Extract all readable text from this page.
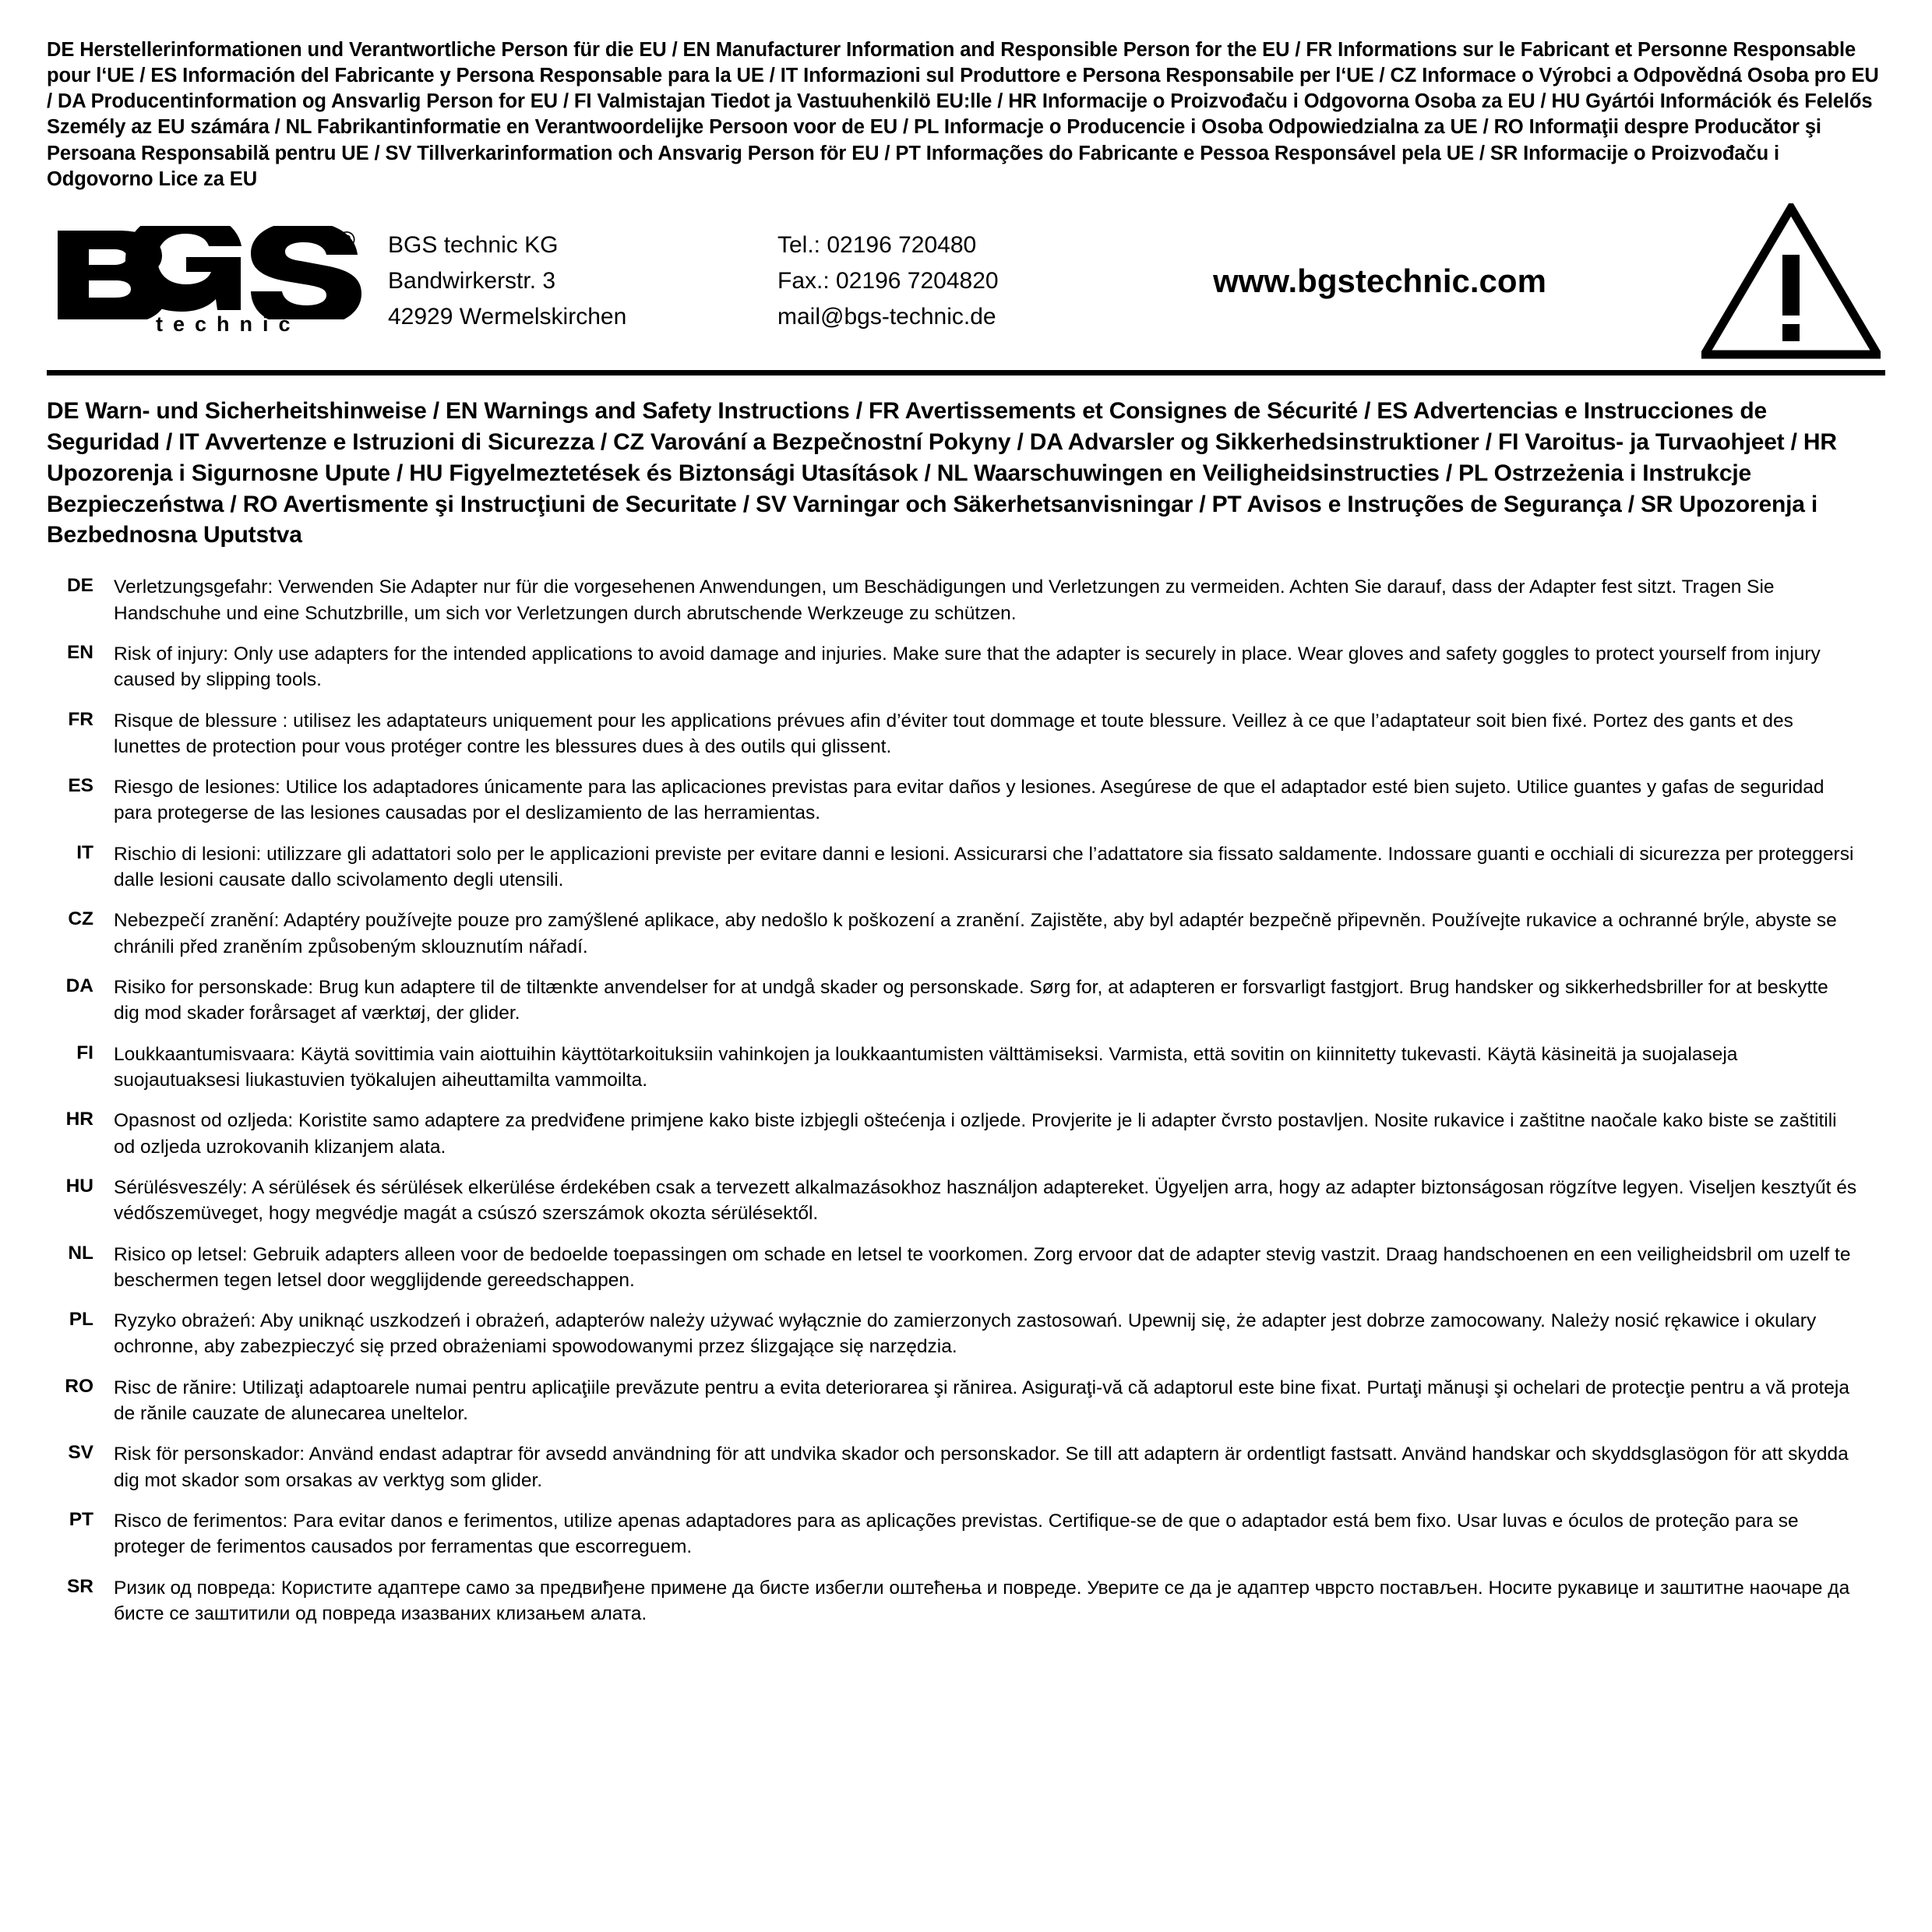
DE Herstellerinformationen und Verantwortliche Person für die EU / EN Manufacturer Information and Responsible Person for the EU / FR Informations sur le Fabricant et Personne Responsable pour l‘UE / ES Información del Fabricante y Persona Responsable para la UE / IT Informazioni sul Produttore e Persona Responsabile per l‘UE / CZ Informace o Výrobci a Odpovědná Osoba pro EU / DA Producentinformation og Ansvarlig Person for EU / FI Valmistajan Tiedot ja Vastuuhenkilö EU:lle / HR Informacije o Proizvođaču i Odgovorna Osoba za EU / HU Gyártói Információk és Felelős Személy az EU számára / NL Fabrikantinformatie en Verantwoordelijke Persoon voor de EU / PL Informacje o Producencie i Osoba Odpowiedzialna za UE / RO Informaţii despre Producător şi Persoana Responsabilă pentru UE / SV Tillverkarinformation och Ansvarig Person för EU / PT Informações do Fabricante e Pessoa Responsável pela UE / SR Informacije o Proizvođaču i Odgovorno Lice za EU
®
technic
BGS technic KG
Bandwirkerstr. 3
42929 Wermelskirchen
Tel.: 02196 720480
Fax.: 02196 7204820
mail@bgs-technic.de
www.bgstechnic.com
DE Warn- und Sicherheitshinweise / EN Warnings and Safety Instructions / FR Avertissements et Consignes de Sécurité / ES Advertencias e Instrucciones de Seguridad / IT Avvertenze e Istruzioni di Sicurezza / CZ Varování a Bezpečnostní Pokyny / DA Advarsler og Sikkerhedsinstruktioner / FI Varoitus- ja Turvaohjeet / HR Upozorenja i Sigurnosne Upute / HU Figyelmeztetések és Biztonsági Utasítások / NL Waarschuwingen en Veiligheidsinstructies / PL Ostrzeżenia i Instrukcje Bezpieczeństwa / RO Avertismente şi Instrucţiuni de Securitate / SV Varningar och Säkerhetsanvisningar / PT Avisos e Instruções de Segurança / SR Upozorenja i Bezbednosna Uputstva
DE	Verletzungsgefahr: Verwenden Sie Adapter nur für die vorgesehenen Anwendungen, um Beschädigungen und Verletzungen zu vermeiden. Achten Sie darauf, dass der Adapter fest sitzt. Tragen Sie Handschuhe und eine Schutzbrille, um sich vor Verletzungen durch abrutschende Werkzeuge zu schützen.
EN	Risk of injury: Only use adapters for the intended applications to avoid damage and injuries. Make sure that the adapter is securely in place. Wear gloves and safety goggles to protect yourself from injury caused by slipping tools.
FR	Risque de blessure : utilisez les adaptateurs uniquement pour les applications prévues afin d’éviter tout dommage et toute blessure. Veillez à ce que l’adaptateur soit bien fixé. Portez des gants et des lunettes de protection pour vous protéger contre les blessures dues à des outils qui glissent.
ES	Riesgo de lesiones: Utilice los adaptadores únicamente para las aplicaciones previstas para evitar daños y lesiones. Asegúrese de que el adaptador esté bien sujeto. Utilice guantes y gafas de seguridad para protegerse de las lesiones causadas por el deslizamiento de las herramientas.
IT	Rischio di lesioni: utilizzare gli adattatori solo per le applicazioni previste per evitare danni e lesioni. Assicurarsi che l’adattatore sia fissato saldamente. Indossare guanti e occhiali di sicurezza per proteggersi dalle lesioni causate dallo scivolamento degli utensili.
CZ	Nebezpečí zranění: Adaptéry používejte pouze pro zamýšlené aplikace, aby nedošlo k poškození a zranění. Zajistěte, aby byl adaptér bezpečně připevněn. Používejte rukavice a ochranné brýle, abyste se chránili před zraněním způsobeným sklouznutím nářadí.
DA	Risiko for personskade: Brug kun adaptere til de tiltænkte anvendelser for at undgå skader og personskade. Sørg for, at adapteren er forsvarligt fastgjort. Brug handsker og sikkerhedsbriller for at beskytte dig mod skader forårsaget af værktøj, der glider.
FI	Loukkaantumisvaara: Käytä sovittimia vain aiottuihin käyttötarkoituksiin vahinkojen ja loukkaantumisten välttämiseksi. Varmista, että sovitin on kiinnitetty tukevasti. Käytä käsineitä ja suojalaseja suojautuaksesi liukastuvien työkalujen aiheuttamilta vammoilta.
HR	Opasnost od ozljeda: Koristite samo adaptere za predviđene primjene kako biste izbjegli oštećenja i ozljede. Provjerite je li adapter čvrsto postavljen. Nosite rukavice i zaštitne naočale kako biste se zaštitili od ozljeda uzrokovanih klizanjem alata.
HU	Sérülésveszély: A sérülések és sérülések elkerülése érdekében csak a tervezett alkalmazásokhoz használjon adaptereket. Ügyeljen arra, hogy az adapter biztonságosan rögzítve legyen. Viseljen kesztyűt és védőszemüveget, hogy megvédje magát a csúszó szerszámok okozta sérülésektől.
NL	Risico op letsel: Gebruik adapters alleen voor de bedoelde toepassingen om schade en letsel te voorkomen. Zorg ervoor dat de adapter stevig vastzit. Draag handschoenen en een veiligheidsbril om uzelf te beschermen tegen letsel door wegglijdende gereedschappen.
PL	Ryzyko obrażeń: Aby uniknąć uszkodzeń i obrażeń, adapterów należy używać wyłącznie do zamierzonych zastosowań. Upewnij się, że adapter jest dobrze zamocowany. Należy nosić rękawice i okulary ochronne, aby zabezpieczyć się przed obrażeniami spowodowanymi przez ślizgające się narzędzia.
RO	Risc de rănire: Utilizaţi adaptoarele numai pentru aplicaţiile prevăzute pentru a evita deteriorarea şi rănirea. Asiguraţi-vă că adaptorul este bine fixat. Purtaţi mănuşi şi ochelari de protecţie pentru a vă proteja de rănile cauzate de alunecarea uneltelor.
SV	Risk för personskador: Använd endast adaptrar för avsedd användning för att undvika skador och personskador. Se till att adaptern är ordentligt fastsatt. Använd handskar och skyddsglasögon för att skydda dig mot skador som orsakas av verktyg som glider.
PT	Risco de ferimentos: Para evitar danos e ferimentos, utilize apenas adaptadores para as aplicações previstas. Certifique-se de que o adaptador está bem fixo. Usar luvas e óculos de proteção para se proteger de ferimentos causados por ferramentas que escorreguem.
SR	Ризик од повреда: Користите адаптере само за предвиђене примене да бисте избегли оштећења и повреде. Уверите се да је адаптер чврсто постављен. Носите рукавице и заштитне наочаре да бисте се заштитили од повреда изазваних клизањем алата.
